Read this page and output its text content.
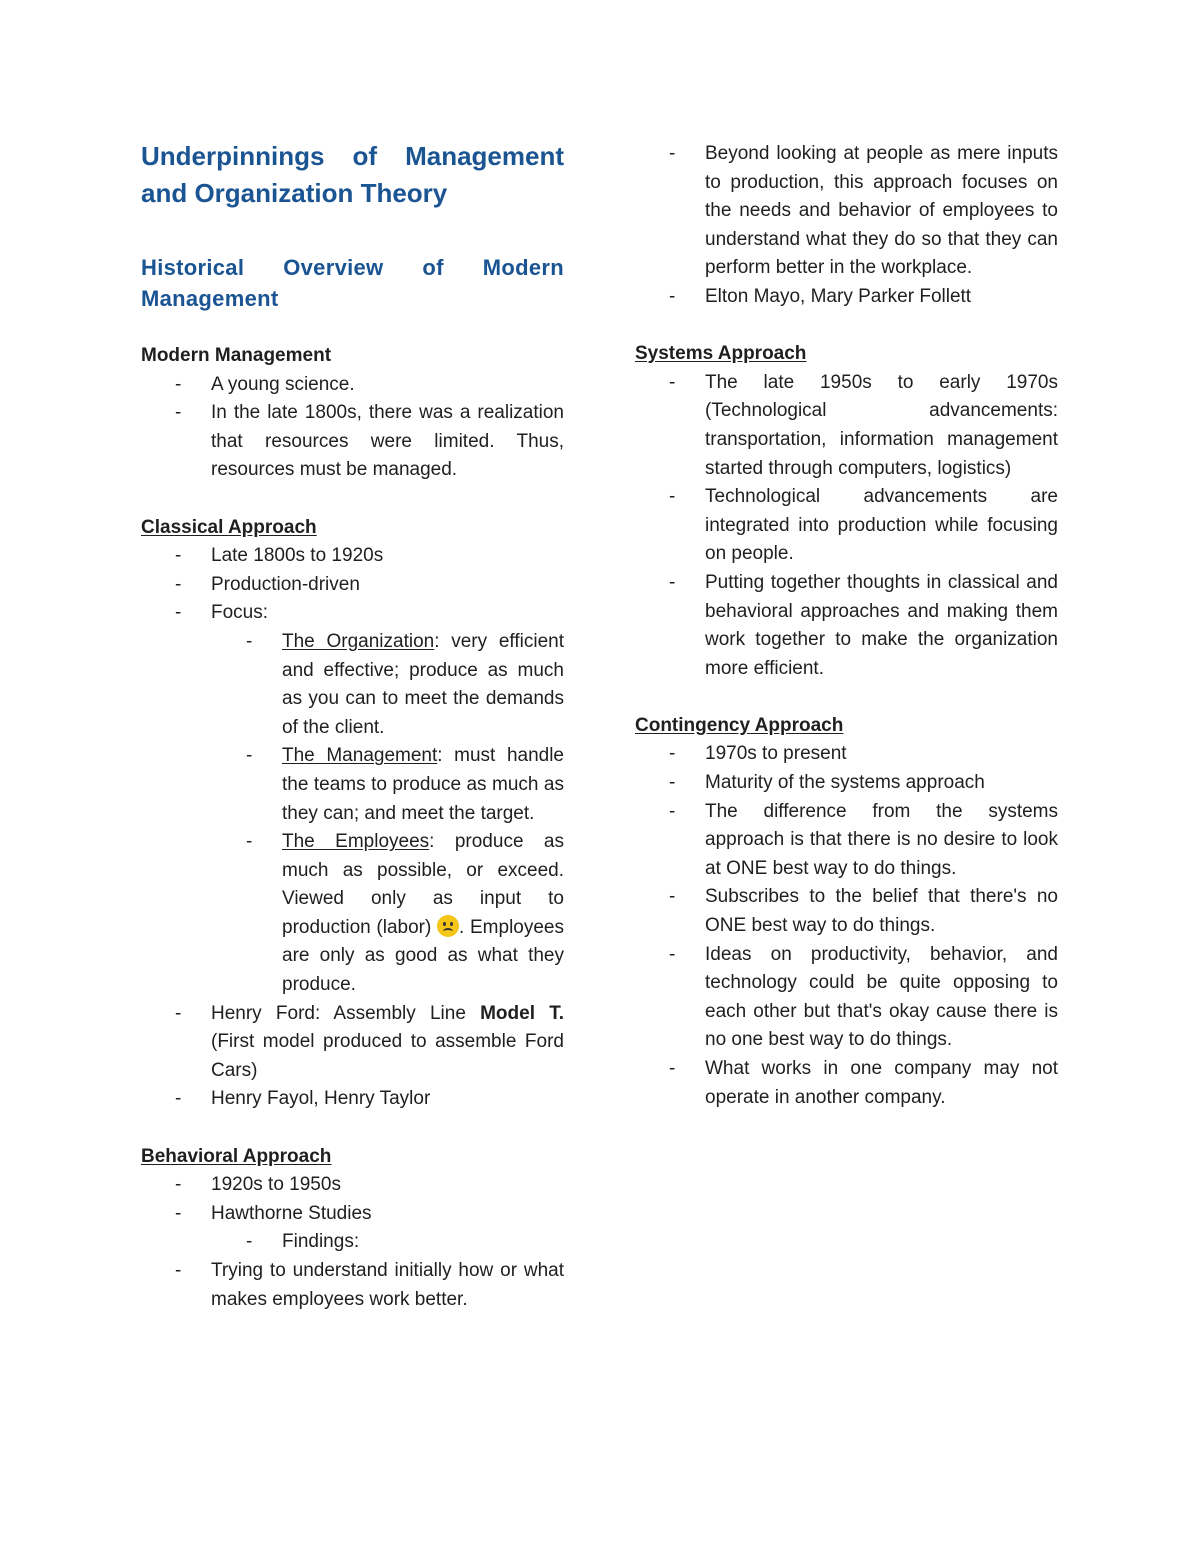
Underpinnings of Management
and Organization Theory
Historical Overview of Modern
Management

Modern Management

- A young science.
- In the late 1800s, there was a realization that resources were limited. Thus, resources must be managed.

Classical Approach

- Late 1800s to 1920s
- Production-driven
- Focus:
- The Organization: very efficient and effective; produce as much as you can to meet the demands of the client.
- The Management: must handle the teams to produce as much as they can; and meet the target.
- The Employees: produce as much as possible, or exceed. Viewed only as input to production (labor) . Employees are only as good as what they produce.
- Henry Ford: Assembly Line Model T. (First model produced to assemble Ford Cars)
- Henry Fayol, Henry Taylor

Behavioral Approach

- 1920s to 1950s
- Hawthorne Studies
- Findings:
- Trying to understand initially how or what makes employees work better.
- Beyond looking at people as mere inputs to production, this approach focuses on the needs and behavior of employees to understand what they do so that they can perform better in the workplace.
- Elton Mayo, Mary Parker Follett

Systems Approach

- The late 1950s to early 1970s (Technological advancements: transportation, information management started through computers, logistics)
- Technological advancements are integrated into production while focusing on people.
- Putting together thoughts in classical and behavioral approaches and making them work together to make the organization more efficient.

Contingency Approach

- 1970s to present
- Maturity of the systems approach
- The difference from the systems approach is that there is no desire to look at ONE best way to do things.
- Subscribes to the belief that there's no ONE best way to do things.
- Ideas on productivity, behavior, and technology could be quite opposing to each other but that's okay cause there is no one best way to do things.
- What works in one company may not operate in another company.
